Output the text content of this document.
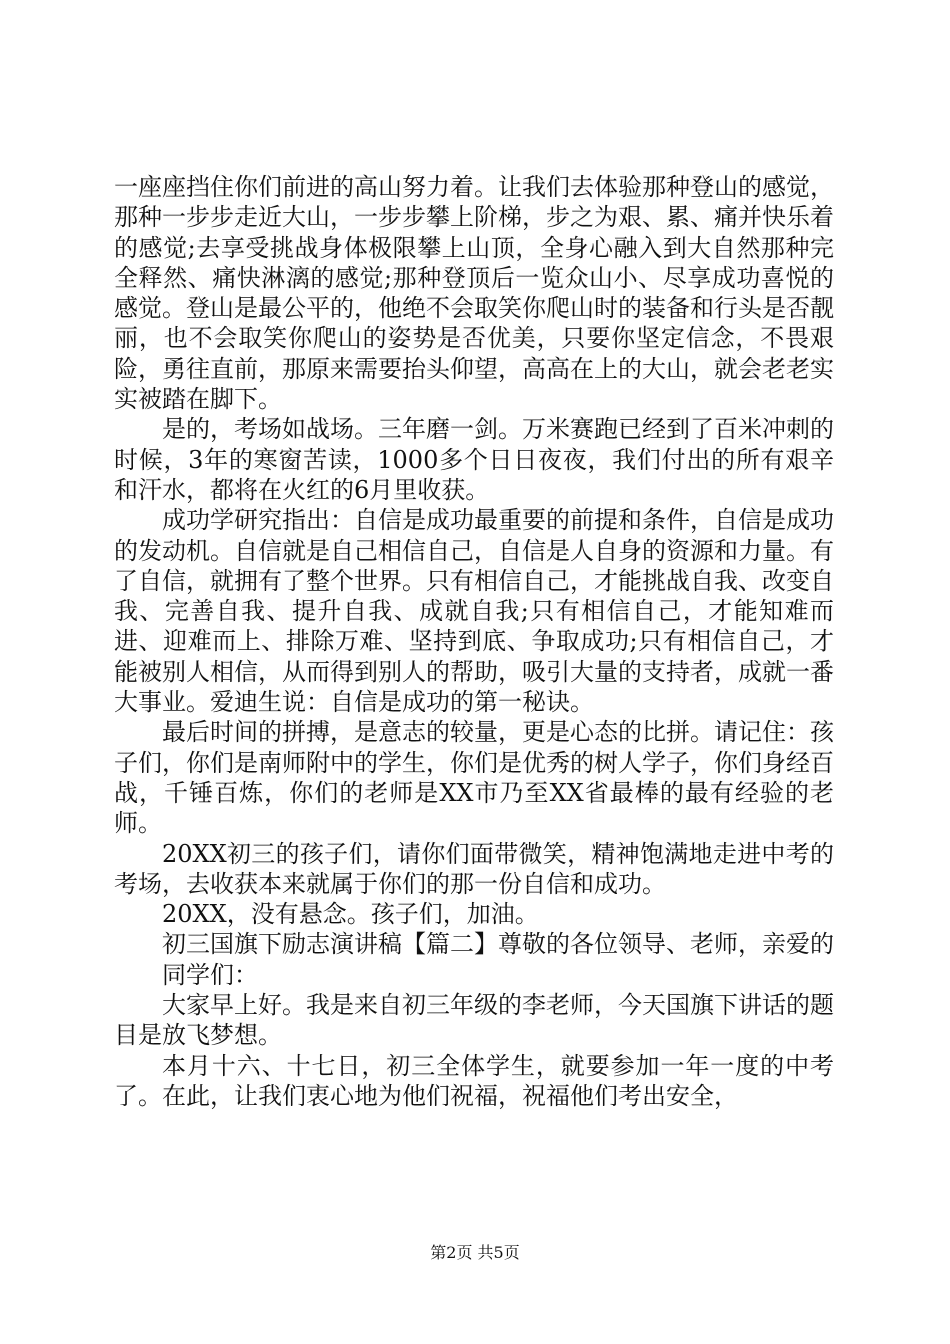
一座座挡住你们前进的高山努力着。让我们去体验那种登山的感觉，那种一步步走近大山，一步步攀上阶梯，步之为艰、累、痛并快乐着的感觉;去享受挑战身体极限攀上山顶，全身心融入到大自然那种完全释然、痛快淋漓的感觉;那种登顶后一览众山小、尽享成功喜悦的感觉。登山是最公平的，他绝不会取笑你爬山时的装备和行头是否靓丽，也不会取笑你爬山的姿势是否优美，只要你坚定信念，不畏艰险，勇往直前，那原来需要抬头仰望，高高在上的大山，就会老老实实被踏在脚下。

是的，考场如战场。三年磨一剑。万米赛跑已经到了百米冲刺的时候，3年的寒窗苦读，1000多个日日夜夜，我们付出的所有艰辛和汗水，都将在火红的6月里收获。

成功学研究指出：自信是成功最重要的前提和条件，自信是成功的发动机。自信就是自己相信自己，自信是人自身的资源和力量。有了自信，就拥有了整个世界。只有相信自己，才能挑战自我、改变自我、完善自我、提升自我、成就自我;只有相信自己，才能知难而进、迎难而上、排除万难、坚持到底、争取成功;只有相信自己，才能被别人相信，从而得到别人的帮助，吸引大量的支持者，成就一番大事业。爱迪生说：自信是成功的第一秘诀。

最后时间的拼搏，是意志的较量，更是心态的比拼。请记住：孩子们，你们是南师附中的学生，你们是优秀的树人学子，你们身经百战，千锤百炼，你们的老师是XX市乃至XX省最棒的最有经验的老师。

20XX初三的孩子们，请你们面带微笑，精神饱满地走进中考的考场，去收获本来就属于你们的那一份自信和成功。

20XX，没有悬念。孩子们，加油。

初三国旗下励志演讲稿【篇二】尊敬的各位领导、老师，亲爱的

同学们：

大家早上好。我是来自初三年级的李老师，今天国旗下讲话的题目是放飞梦想。

本月十六、十七日，初三全体学生，就要参加一年一度的中考了。在此，让我们衷心地为他们祝福，祝福他们考出安全，

第2页 共5页
